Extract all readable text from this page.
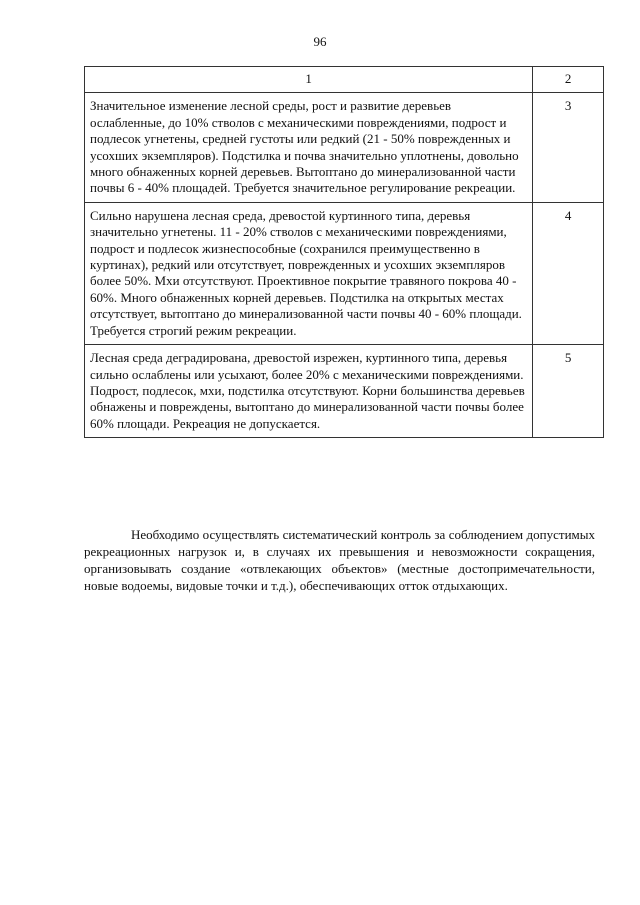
96
1	2
Значительное изменение лесной среды, рост и развитие деревьев ослабленные, до 10% стволов с механическими повреждениями, подрост и подлесок угнетены, средней густоты или редкий (21 - 50% поврежденных и усохших экземпляров). Подстилка и почва значительно уплотнены, довольно много обнаженных корней деревьев. Вытоптано до минерализованной части почвы 6 - 40% площадей. Требуется значительное регулирование рекреации.	3
Сильно нарушена лесная среда, древостой куртинного типа, деревья значительно угнетены. 11 - 20% стволов с механическими повреждениями, подрост и подлесок жизнеспособные (сохранился преимущественно в куртинах), редкий или отсутствует, поврежденных и усохших экземпляров более 50%. Мхи отсутствуют. Проективное покрытие травяного покрова 40 - 60%. Много обнаженных корней деревьев. Подстилка на открытых местах отсутствует, вытоптано до минерализованной части почвы 40 - 60% площади. Требуется строгий режим рекреации.	4
Лесная среда деградирована, древостой изрежен, куртинного типа, деревья сильно ослаблены или усыхают, более 20% с механическими повреждениями. Подрост, подлесок, мхи, подстилка отсутствуют. Корни большинства деревьев обнажены и повреждены, вытоптано до минерализованной части почвы более 60% площади. Рекреация не допускается.	5

Необходимо осуществлять систематический контроль за соблюдением допустимых рекреационных нагрузок и, в случаях их превышения и невозможности сокращения, организовывать создание «отвлекающих объектов» (местные достопримечательности, новые водоемы, видовые точки и т.д.), обеспечивающих отток отдыхающих.
